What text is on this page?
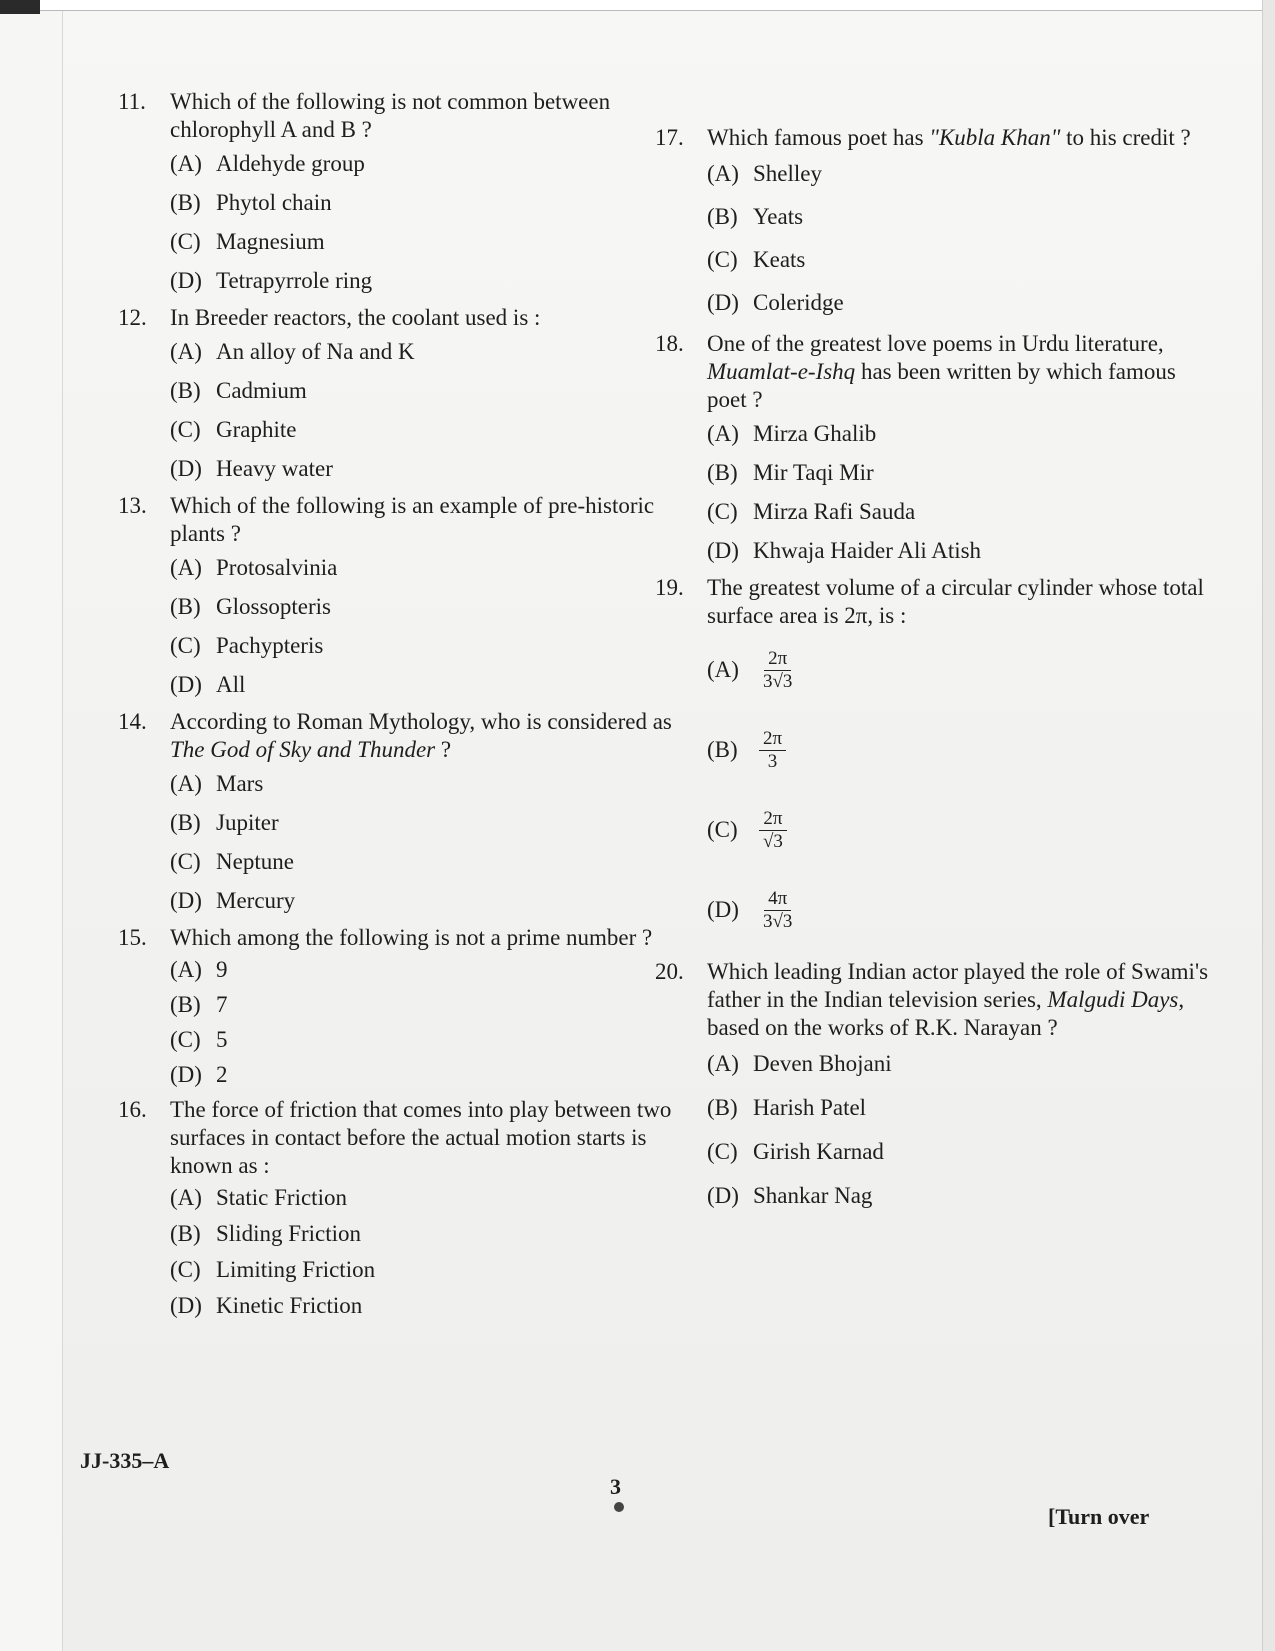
11.	Which of the following is not common between chlorophyll A and B ?
(A) Aldehyde group
(B) Phytol chain
(C) Magnesium
(D) Tetrapyrrole ring
12.	In Breeder reactors, the coolant used is :
(A) An alloy of Na and K
(B) Cadmium
(C) Graphite
(D) Heavy water
13.	Which of the following is an example of pre-historic plants ?
(A) Protosalvinia
(B) Glossopteris
(C) Pachypteris
(D) All
14.	According to Roman Mythology, who is considered as The God of Sky and Thunder ?
(A) Mars
(B) Jupiter
(C) Neptune
(D) Mercury
15.	Which among the following is not a prime number ?
(A) 9
(B) 7
(C) 5
(D) 2
16.	The force of friction that comes into play between two surfaces in contact before the actual motion starts is known as :
(A) Static Friction
(B) Sliding Friction
(C) Limiting Friction
(D) Kinetic Friction
17.	Which famous poet has "Kubla Khan" to his credit ?
(A) Shelley
(B) Yeats
(C) Keats
(D) Coleridge
18.	One of the greatest love poems in Urdu literature, Muamlat-e-Ishq has been written by which famous poet ?
(A) Mirza Ghalib
(B) Mir Taqi Mir
(C) Mirza Rafi Sauda
(D) Khwaja Haider Ali Atish
19.	The greatest volume of a circular cylinder whose total surface area is 2π, is :
(A)	$\frac{2\pi}{3√3}$
(B)	$\frac{2\pi}{3}$
(C)	$\frac{2\pi}{√3}$
(D)	$\frac{4\pi}{3√3}$
20.	Which leading Indian actor played the role of Swami's father in the Indian television series, Malgudi Days, based on the works of R.K. Narayan ?
(A) Deven Bhojani
(B) Harish Patel
(C) Girish Karnad
(D) Shankar Nag
JJ-335–A
3
[Turn over
